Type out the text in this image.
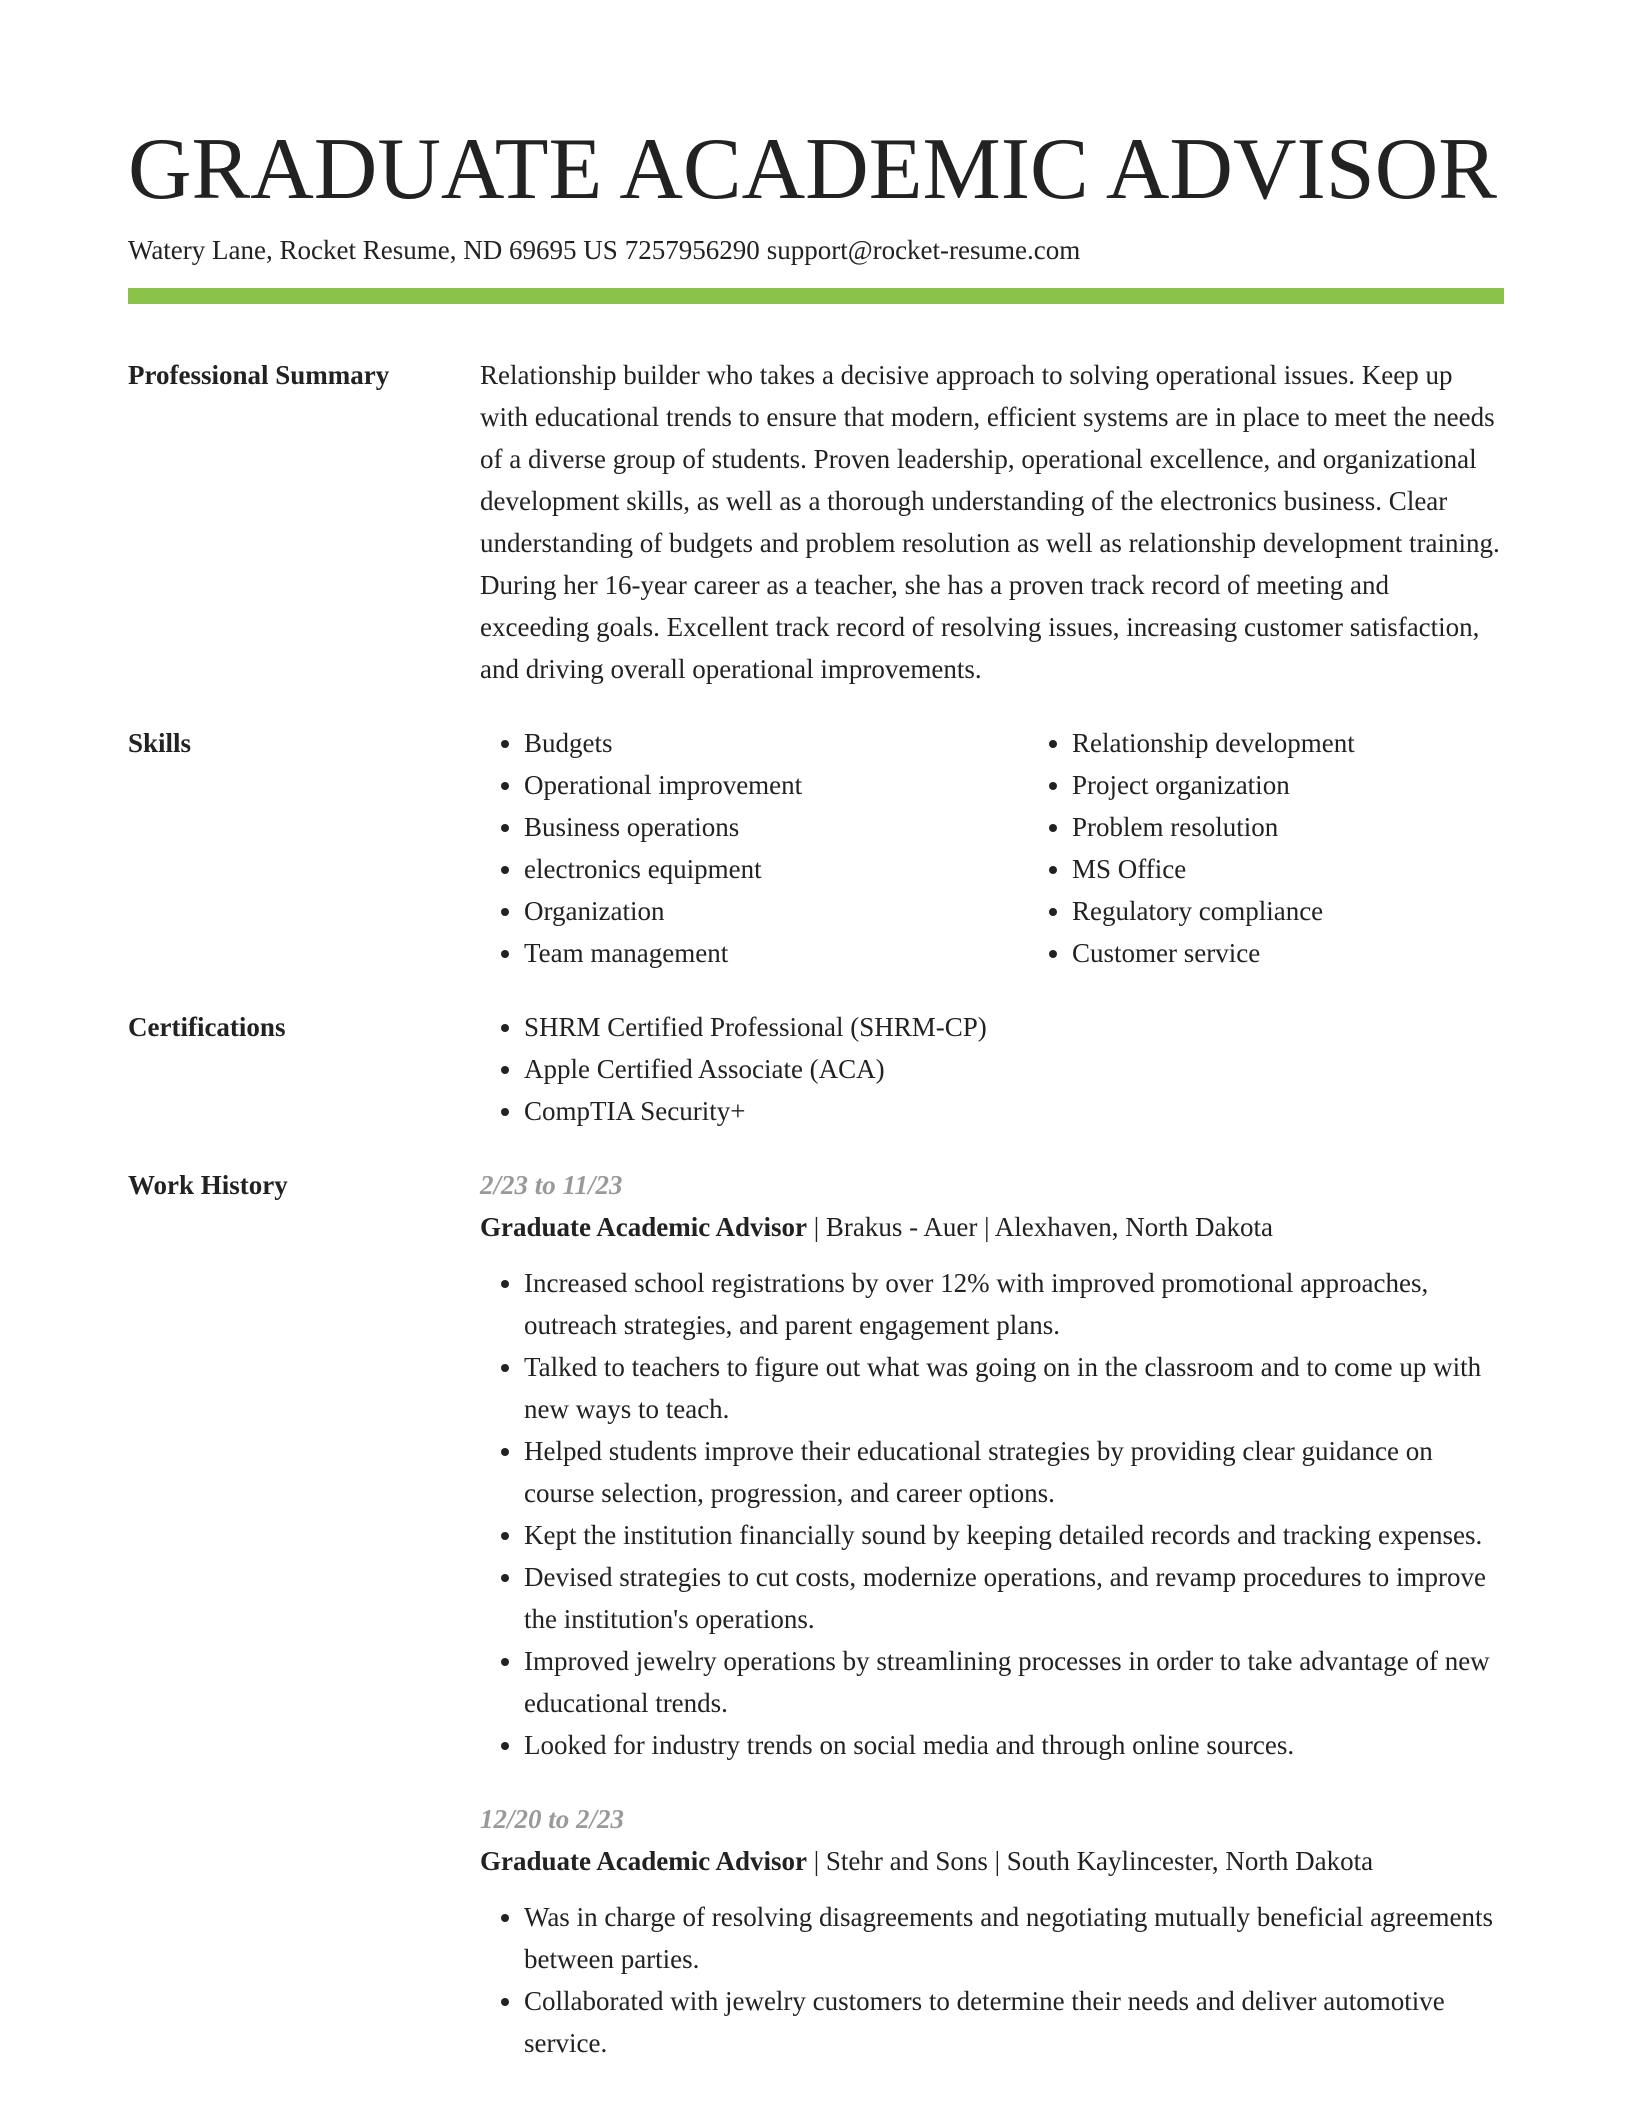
GRADUATE ACADEMIC ADVISOR
Watery Lane, Rocket Resume, ND 69695 US 7257956290 support@rocket-resume.com
Professional Summary	Relationship builder who takes a decisive approach to solving operational issues. Keep up with educational trends to ensure that modern, efficient systems are in place to meet the needs of a diverse group of students. Proven leadership, operational excellence, and organizational development skills, as well as a thorough understanding of the electronics business. Clear understanding of budgets and problem resolution as well as relationship development training. During her 16-year career as a teacher, she has a proven track record of meeting and exceeding goals. Excellent track record of resolving issues, increasing customer satisfaction, and driving overall operational improvements.
Skills	• Budgets
• Operational improvement
• Business operations
• electronics equipment
• Organization
• Team management
• Relationship development
• Project organization
• Problem resolution
• MS Office
• Regulatory compliance
• Customer service
Certifications	• SHRM Certified Professional (SHRM-CP)
• Apple Certified Associate (ACA)
• CompTIA Security+
Work History	2/23 to 11/23
Graduate Academic Advisor | Brakus - Auer | Alexhaven, North Dakota
• Increased school registrations by over 12% with improved promotional approaches, outreach strategies, and parent engagement plans.
• Talked to teachers to figure out what was going on in the classroom and to come up with new ways to teach.
• Helped students improve their educational strategies by providing clear guidance on course selection, progression, and career options.
• Kept the institution financially sound by keeping detailed records and tracking expenses.
• Devised strategies to cut costs, modernize operations, and revamp procedures to improve the institution's operations.
• Improved jewelry operations by streamlining processes in order to take advantage of new educational trends.
• Looked for industry trends on social media and through online sources.
12/20 to 2/23
Graduate Academic Advisor | Stehr and Sons | South Kaylincester, North Dakota
• Was in charge of resolving disagreements and negotiating mutually beneficial agreements between parties.
• Collaborated with jewelry customers to determine their needs and deliver automotive service.
